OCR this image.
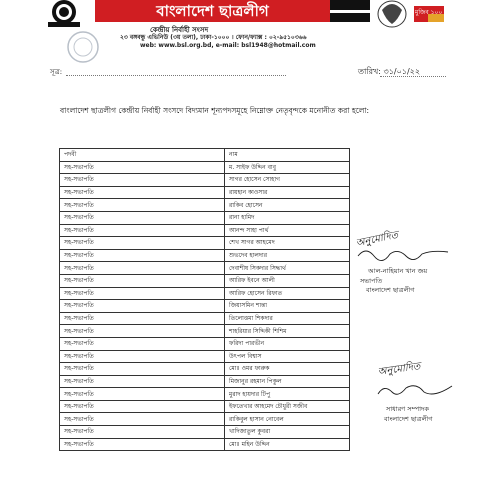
বাংলাদেশ ছাত্রলীগ	মুজিব ১০০
কেন্দ্রীয় নির্বাহী সংসদ
২৩ বঙ্গবন্ধু এভিনিউ (৩য় তলা), ঢাকা-১০০০ । ফোন/ফ্যাক্স : ০২-৯৫১০৩৬৬
web: www.bsl.org.bd, e-mail: bsl1948@hotmail.com
সূত্র:	তারিখ: ৩১/০১/২২
বাংলাদেশ ছাত্রলীগ কেন্দ্রীয় নির্বাহী সংসদে বিদ্যমান শূন্যপদসমূহে নিম্নোক্ত নেতৃবৃন্দকে মনোনীত করা হলো:
পদবী	নাম
সহ-সভাপতি	ম. সাইফ উদ্দিন বাবু
সহ-সভাপতি	সাগর হোসেন সোহাগ
সহ-সভাপতি	রায়হান কাওসার
সহ-সভাপতি	রাকিব হোসেন
সহ-সভাপতি	রানা হামিদ
সহ-সভাপতি	আনন্দ সাহা পার্থ
সহ-সভাপতি	শেখ সাগর আহমেদ
সহ-সভাপতি	শুভদেব হালদার
সহ-সভাপতি	দেবাশীষ সিকদার সিদ্ধার্থ
সহ-সভাপতি	আরিফ ইবনে আলী
সহ-সভাপতি	আরিফ হোসেন রিফাত
সহ-সভাপতি	জিয়াসমিন শান্তা
সহ-সভাপতি	তিলোত্তমা শিকদার
সহ-সভাপতি	শাহরিয়ার সিদ্দিকী শিশিম
সহ-সভাপতি	ফরিদা পারভীন
সহ-সভাপতি	উৎপল বিশ্বাস
সহ-সভাপতি	মোঃ ওমর ফারুক
সহ-সভাপতি	মিজানুর রহমান পিকুল
সহ-সভাপতি	মুরাদ হায়দার টিপু
সহ-সভাপতি	ইফতেখার আহমেদ চৌধুরী সজীব
সহ-সভাপতি	রাকিবুল হাসান নোবেল
সহ-সভাপতি	খাদিজাতুল কুবরা
সহ-সভাপতি	মোঃ মহিন উদ্দিন
অনুমোদিত
আল-নাহিয়ান খান জয়
সভাপতি
বাংলাদেশ ছাত্রলীগ
অনুমোদিত
সাধারণ সম্পাদক
বাংলাদেশ ছাত্রলীগ
